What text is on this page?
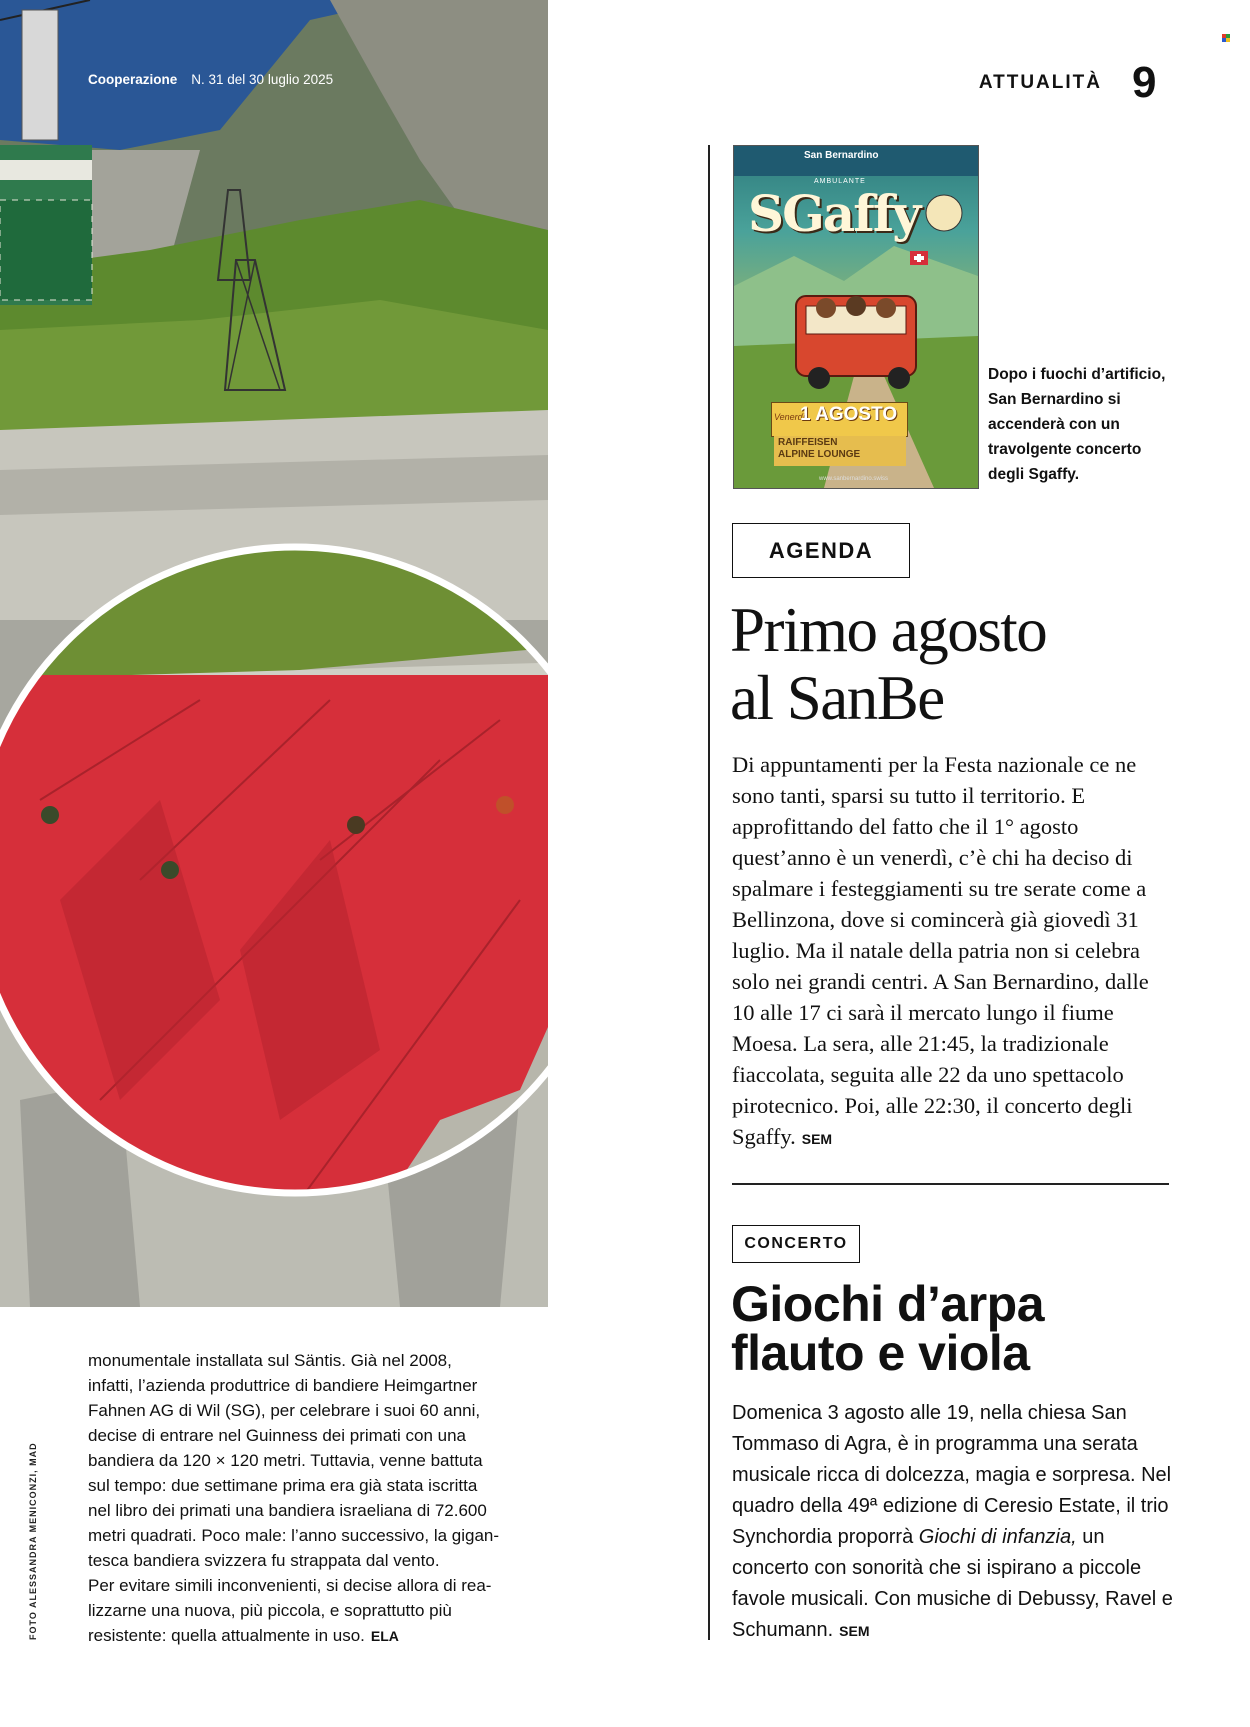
Cooperazione N. 31 del 30 luglio 2025	ATTUALITÀ 9
San Bernardino
AMBULANTE
SGaffy
Venerdì
1 AGOSTO
RAIFFEISEN
ALPINE LOUNGE
www.sanbernardino.swiss
Dopo i fuochi d’artificio, San Bernardino si accenderà con un travolgente concerto degli Sgaffy.
AGENDA
Primo agosto
al SanBe
Di appuntamenti per la Festa nazionale ce ne sono tanti, sparsi su tutto il territorio. E approfittando del fatto che il 1° agosto quest’anno è un venerdì, c’è chi ha deciso di spalmare i festeggiamenti su tre serate come a Bellinzona, dove si comincerà già giovedì 31 luglio. Ma il natale della patria non si celebra solo nei grandi centri. A San Bernardino, dalle 10 alle 17 ci sarà il mercato lungo il fiume Moesa. La sera, alle 21:45, la tradizionale fiaccolata, seguita alle 22 da uno spettacolo pirotecnico. Poi, alle 22:30, il concerto degli Sgaffy. SEM
CONCERTO
Giochi d’arpa
flauto e viola
Domenica 3 agosto alle 19, nella chiesa San Tommaso di Agra, è in programma una serata musicale ricca di dolcezza, magia e sorpresa. Nel quadro della 49ª edizione di Ceresio Estate, il trio Synchordia proporrà Giochi di infanzia, un concerto con sonorità che si ispirano a piccole favole musicali. Con musiche di Debussy, Ravel e Schumann. SEM
monumentale installata sul Säntis. Già nel 2008,
infatti, l’azienda produttrice di bandiere Heimgartner
Fahnen AG di Wil (SG), per celebrare i suoi 60 anni,
decise di entrare nel Guinness dei primati con una
bandiera da 120 × 120 metri. Tuttavia, venne battuta
sul tempo: due settimane prima era già stata iscritta
nel libro dei primati una bandiera israeliana di 72.600
metri quadrati. Poco male: l’anno successivo, la gigan-
tesca bandiera svizzera fu strappata dal vento.
Per evitare simili inconvenienti, si decise allora di rea-
lizzarne una nuova, più piccola, e soprattutto più
resistente: quella attualmente in uso. ELA
FOTO ALESSANDRA MENICONZI, MAD
